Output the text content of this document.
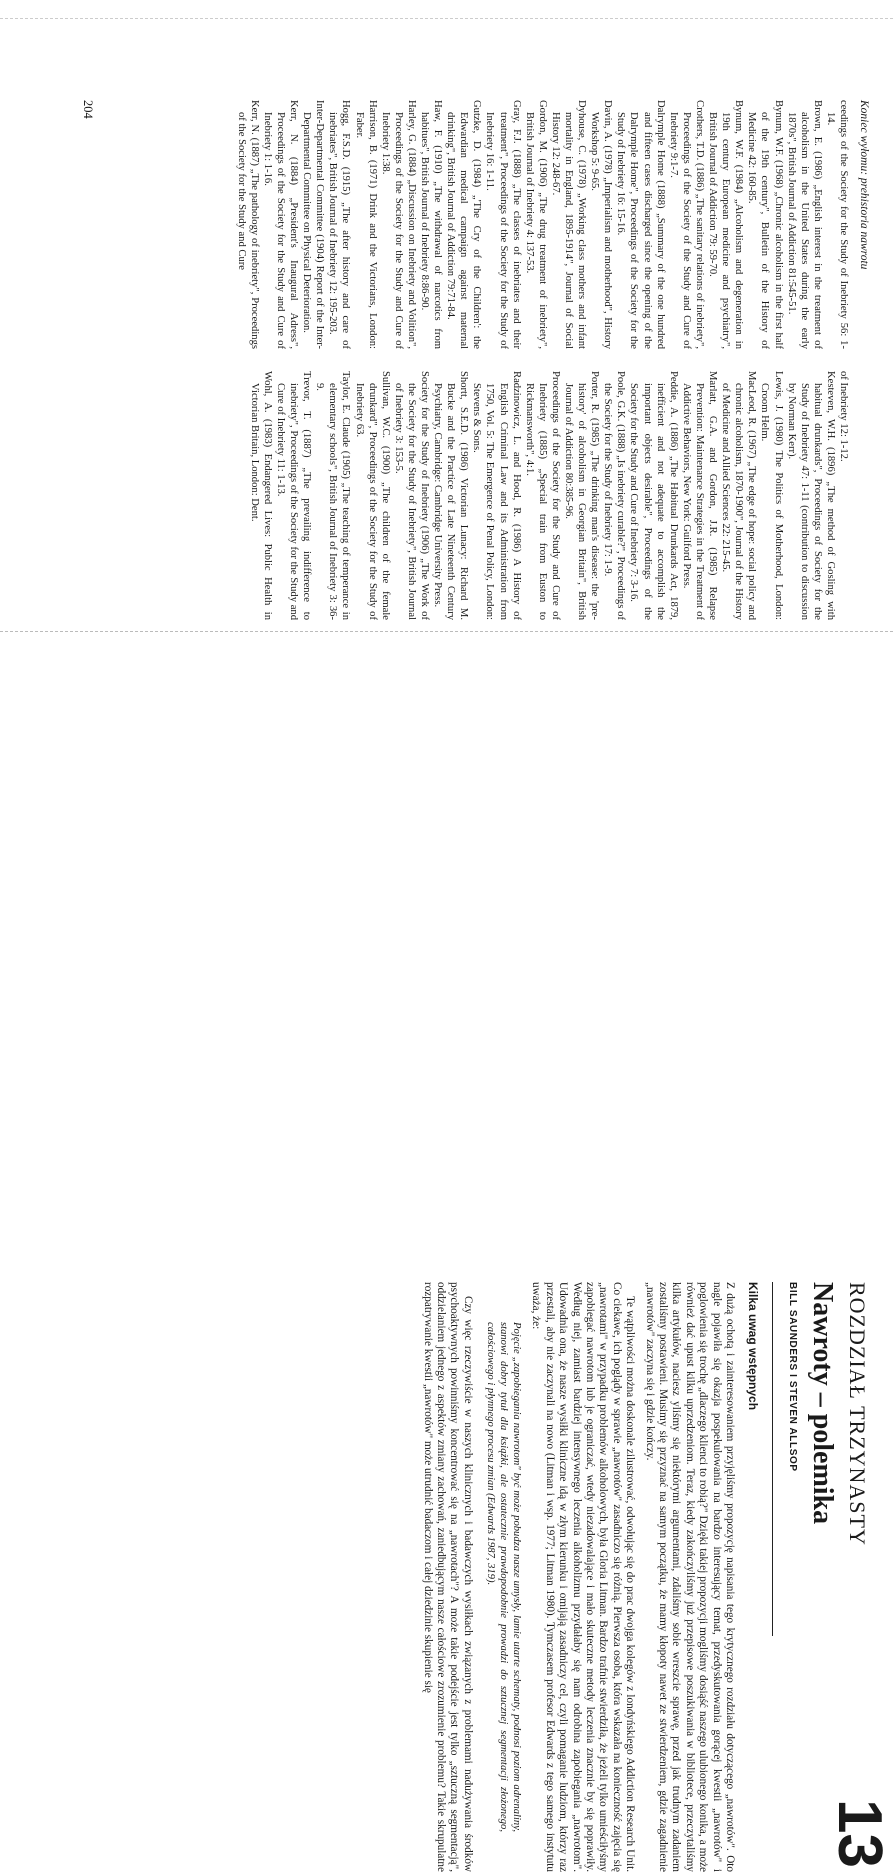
Koniec wyłomu: prehistoria nawrotu

ceedings of the Society for the Study of Inebriety 56: 1-14.

Brown, E. (1986) „English interest in the treatment of alcoholism in the United States during the early 1870s", British Journal of Addiction 81:545-51.

Bynum, W.F. (1968) „Chronic alcoholism in the first half of the 19th century", Bulletin of the History of Medicine 42: 160-85.

Bynum, W.F. (1984) „Alcoholism and degeneration in 19th century European medicine and psychiatry", British Journal of Addiction 79: 59-70.

Crothers, T.D. (1886) „The sanitary relations of inebriety", Proceedings of the Society of the Study and Cure of Inebriety 9:1-7.

Dalrymple Home (1888) „Summary of the one hundred and fifteen cases discharged since the opening of the Dalrymple Home", Proceedings of the Society for the Study of Inebriety 16: 15-16.

Davin, A. (1978) „Imperialism and motherhood", History Workshop 5: 9-65.

Dyhouse, C. (1978) „Working class mothers and infant mortality in England, 1895-1914", Journal of Social History 12: 248-67.

Gordon, M. (1906) „The drug treatment of inebriety", British Journal of Inebriety 4: 137-53.

Gray, F.J. (1888) „The classes of inebriates and their treatment", Proceedings of the Society for the Study of Inebriety 16: 1-11.

Gutzke, D. (1984) „'The Cry of the Children': the Edwardian medical campaign against maternal drinking", British Journal of Addiction 79:71-84.

Haw, F. (1910) „The withdrawal of narcotics from habitues", British Journal of Inebriety 8:86-90.

Harley, G. (1884) „Discussion on Inebriety and Volition", Proceedings of the Society for the Study and Cure of Inebriety 1:38.

Harrison, B. (1971) Drink and the Victorians, London: Faber.

Hogg, F.S.D. (1915) „The after history and care of inebriates", British Journal of Inebriety 12: 195-203.

Inter-Departmental Committee (1904) Report of the Inter-Departmental Committee on Physical Deterioration.

Kerr, N. (1884) „President's Inaugural Adress", Proceedings of the Society for the Study and Cure of Inebriety 1: 1-16.

Kerr, N. (1887) „The pathology of inebriety", Proceedings of the Society for the Study and Cure

of Inebriety 12: 1-12.

Kesteven, W.H. (1896) „The method of Gosling with habitual drunkards", Proceedings of Society for the Study of Inebriety 47: 1-11 (contribution to discussion by Norman Kerr).

Lewis, J. (1980) The Politics of Motherhood, London: Croom Helm.

MacLeod, R. (1967) „The edge of hope: social policy and chronic alcoholism, 1870-1900", Journal of the History of Medicine and Allied Sciences 22: 215-45.

Marlatt, G.A. and Gordon, J.R. (1985) Relapse Prevention: Maintenance Strategies in the Treatment of Addictive Behaviors, New York: Guilford Press.

Peddie, A. (1886) „The Habitual Drunkards Act, 1879, inefficient and not adequate to accomplish the important objects desirable", Proceedings of the Society for the Study and Cure of Inebriety 7: 3-16.

Poole, G.K. (1888) „Is inebriety curable?", Proceedings of the Society for the Study of Inebriety 17: 1-9.

Porter, R. (1985) „The drinking man's disease: the 'pre-history' of alcoholism in Georgian Britain", British Journal of Addiction 80:385-96.

Proceedings of the Society for the Study and Cure of Inebriety (1885) „Special train from Euston to Rickmansworth", 4:1.

Radzinowicz, L. and Hood, R. (1986) A History of English Criminal Law and its Administration from 1750, Vol. 5: The Emergence of Penal Policy, London: Stevens & Sons.

Shortt, S.E.D. (1986) Victorian Lunacy: Richard M. Bucke and the Practice of Late Nineteenth Century Psychiatry, Cambridge: Cambridge University Press.

Society for the Study of Inebriety (1906) „The Work of the Society for the Study of Inebriety", British Journal of Inebriety 3: 153-5.

Sullivan, W.C. (1900) „The children of the female drunkard", Proceedings of the Society for the Study of Inebriety 63.

Taylor, E. Claude (1905) „The teaching of temperance in elementary schools", British Journal of Inebriety 3: 36-9.

Trevor, T. (1887) „The prevailing indifference to inebriety", Proceedings of the Society for the Study and Cure of Inebriety 11: 1-13.

Wohl, A. (1983) Endangered Lives: Public Health in Victorian Britain, London: Dent.

204

ROZDZIAŁ TRZYNASTY

13
Nawroty – polemika

BILL SAUNDERS I STEVEN ALLSOP

Kilka uwag wstępnych

Z dużą ochotą i zainteresowaniem przyjęliśmy propozycję napisania tego krytycznego rozdziału dotyczącego „nawrotów". Oto nagle pojawiła się okazja pospekulowania na bardzo interesujący temat, przedyskutowania gorącej kwestii „nawrotów" i poglowienia się trochę „dlaczego klienci to robią?" Dzięki takiej propozycji mogliśmy dosiąść naszego ulubionego konika, a może również dać upust kilku uprzedzeniom. Teraz, kiedy zakończyliśmy już przepisowe poszukiwania w bibliotece, przeczytaliśmy kilka artykułów, naciesz yliśmy się niektórymi argumentami, zdaliśmy sobie wreszcie sprawę, przed jak trudnym zadaniem zostaliśmy postawieni. Musimy się przyznać na samym początku, że mamy kłopoty nawet ze stwierdzeniem, gdzie zagadnienie „nawrotów" zaczyna się i gdzie kończy.

Te wątpliwości można doskonale zilustrować, odwołując się do prac dwojga kolegów z londyńskiego Addiction Research Unit. Co ciekawe, ich poglądy w sprawie „nawrotów" zasadniczo się różnią. Pierwsza osoba, która wskazała na konieczność zajęcia się „nawrotami" w przypadku problemów alkoholowych, była Gloria Litman. Bardzo trafnie stwierdziła, że jeżeli tylko umieściłyśmy zapobiegać nawrotom lub je ograniczać, wtedy niezadowalające i mało skuteczne metody leczenia znacznie by się poprawiły. Według niej, zamiast bardziej intensywnego leczenia alkoholizmu przydałaby się nam odrobina zapobiegania „nawrotom". Udowadnia ona, że nasze wysiłki kliniczne idą w złym kierunku i omijają zasadniczy cel, czyli pomaganie ludziom, którzy raz przestali, aby nie zaczynali na nowo (Litman i wsp. 1977; Litman 1980). Tymczasem profesor Edwards z tego samego instytutu uważa, że:

Pojęcie „zapobiegania nawrotom" być może pobudza nasze umysły, lamie utarte schematy, podnosi poziom adrenaliny, stanowi dobry tytuł dla książki, ale ostatecznie prawdopodobnie prowadzi do sztucznej segmentacji złożonego, całościowego i płynnego procesu zmian (Edwards 1987, 319).

Czy więc rzeczywiście w naszych klinicznych i badawczych wysiłkach związanych z problemami nadużywania środków psychoaktywnych powinniśmy koncentrować się na „nawrotach"? A może takie podejście jest tylko „sztuczną segmentacją", oddzielaniem jednego z aspektów zmiany zachowań, zaniedbującym nasze całościowe zrozumienie problemu? Takie skrupulatne rozpatrywanie kwestii „nawrotów" może utrudnić badaczom i całej dziedzinie skupienie się
